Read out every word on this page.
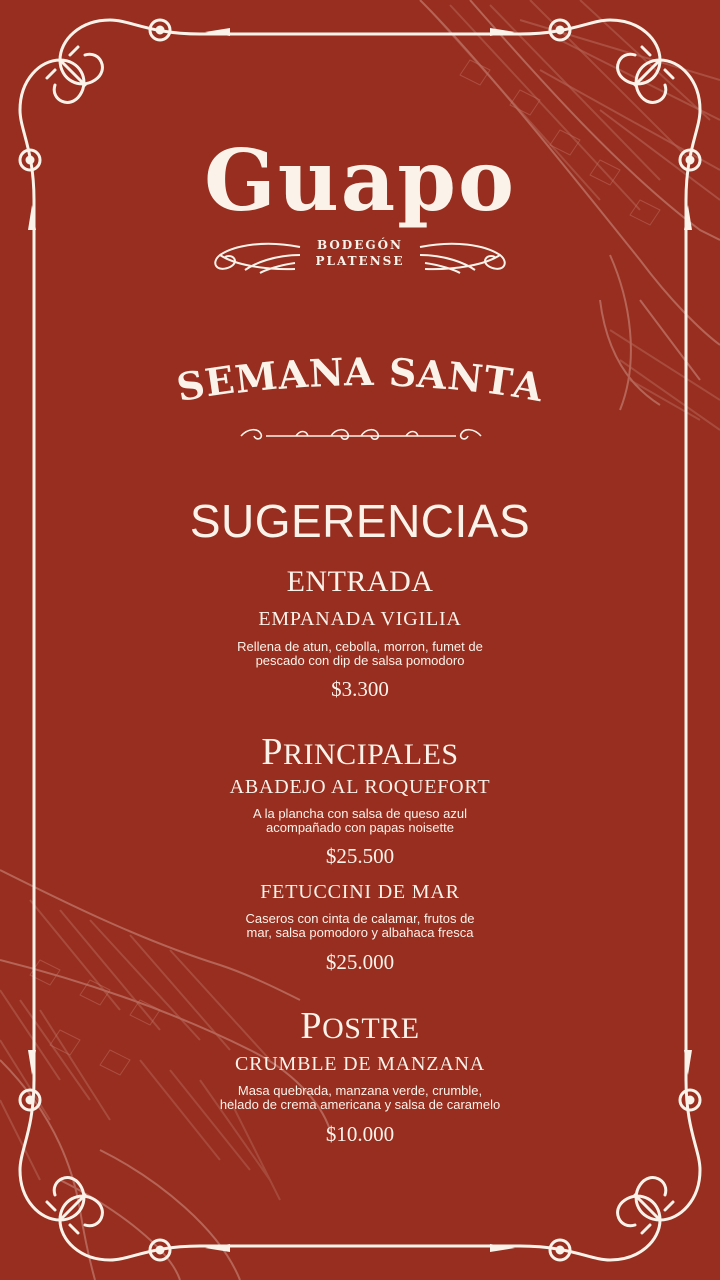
Guapo
BODEGÓN
PLATENSE
SEMANA SANTA
SUGERENCIAS
ENTRADA
EMPANADA VIGILIA
Rellena de atun, cebolla, morron, fumet de
pescado con dip de salsa pomodoro
$3.300
PRINCIPALES
ABADEJO AL ROQUEFORT
A la plancha con salsa de queso azul
acompañado con papas noisette
$25.500
FETUCCINI DE MAR
Caseros con cinta de calamar, frutos de
mar, salsa pomodoro y albahaca fresca
$25.000
POSTRE
CRUMBLE DE MANZANA
Masa quebrada, manzana verde, crumble,
helado de crema americana y salsa de caramelo
$10.000
